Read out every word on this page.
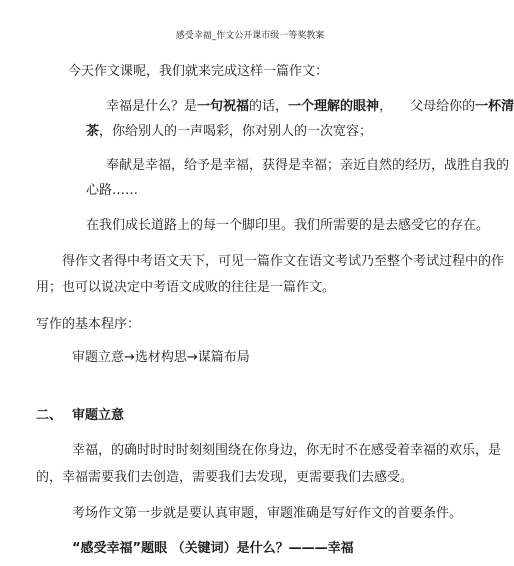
感受幸福_作文公开课市级一等奖教案
今天作文课呢，我们就来完成这样一篇作文：
幸福是什么？是一句祝福的话，一个理解的眼神， 父母给你的一杯清
茶，你给别人的一声喝彩，你对别人的一次宽容；
奉献是幸福，给予是幸福，获得是幸福；亲近自然的经历，战胜自我的
心路……
在我们成长道路上的每一个脚印里。我们所需要的是去感受它的存在。
得作文者得中考语文天下，可见一篇作文在语文考试乃至整个考试过程中的作
用；也可以说决定中考语文成败的往往是一篇作文。
写作的基本程序：
审题立意→选材构思→谋篇布局
二、 审题立意
幸福，的确时时时时刻刻围绕在你身边，你无时不在感受着幸福的欢乐，是
的，幸福需要我们去创造，需要我们去发现，更需要我们去感受。
考场作文第一步就是要认真审题，审题准确是写好作文的首要条件。
“感受幸福”题眼 （关键词）是什么？———幸福
